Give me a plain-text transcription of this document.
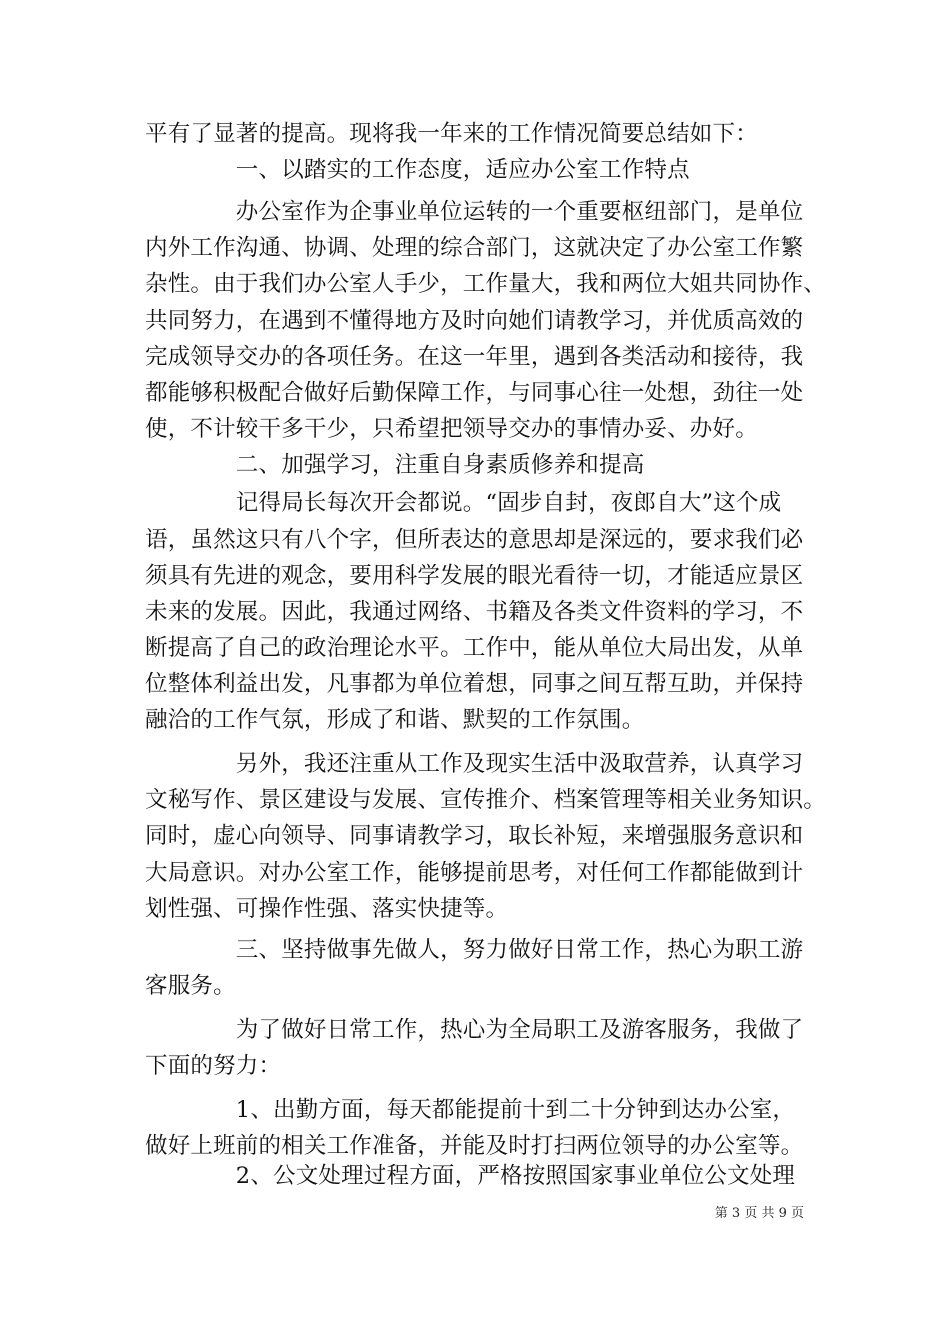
平有了显著的提高。现将我一年来的工作情况简要总结如下：
　　　　一、以踏实的工作态度，适应办公室工作特点
　　　　办公室作为企事业单位运转的一个重要枢纽部门，是单位
内外工作沟通、协调、处理的综合部门，这就决定了办公室工作繁
杂性。由于我们办公室人手少，工作量大，我和两位大姐共同协作、
共同努力，在遇到不懂得地方及时向她们请教学习，并优质高效的
完成领导交办的各项任务。在这一年里，遇到各类活动和接待，我
都能够积极配合做好后勤保障工作，与同事心往一处想，劲往一处
使，不计较干多干少，只希望把领导交办的事情办妥、办好。
　　　　二、加强学习，注重自身素质修养和提高
　　　　记得局长每次开会都说。“固步自封，夜郎自大”这个成
语，虽然这只有八个字，但所表达的意思却是深远的，要求我们必
须具有先进的观念，要用科学发展的眼光看待一切，才能适应景区
未来的发展。因此，我通过网络、书籍及各类文件资料的学习，不
断提高了自己的政治理论水平。工作中，能从单位大局出发，从单
位整体利益出发，凡事都为单位着想，同事之间互帮互助，并保持
融洽的工作气氛，形成了和谐、默契的工作氛围。
　　　　另外，我还注重从工作及现实生活中汲取营养，认真学习
文秘写作、景区建设与发展、宣传推介、档案管理等相关业务知识。
同时，虚心向领导、同事请教学习，取长补短，来增强服务意识和
大局意识。对办公室工作，能够提前思考，对任何工作都能做到计
划性强、可操作性强、落实快捷等。
　　　　三、坚持做事先做人，努力做好日常工作，热心为职工游
客服务。
　　　　为了做好日常工作，热心为全局职工及游客服务，我做了
下面的努力：
　　　　1、出勤方面，每天都能提前十到二十分钟到达办公室，
做好上班前的相关工作准备，并能及时打扫两位领导的办公室等。
　　　　2、公文处理过程方面，严格按照国家事业单位公文处理
第 3 页 共 9 页
